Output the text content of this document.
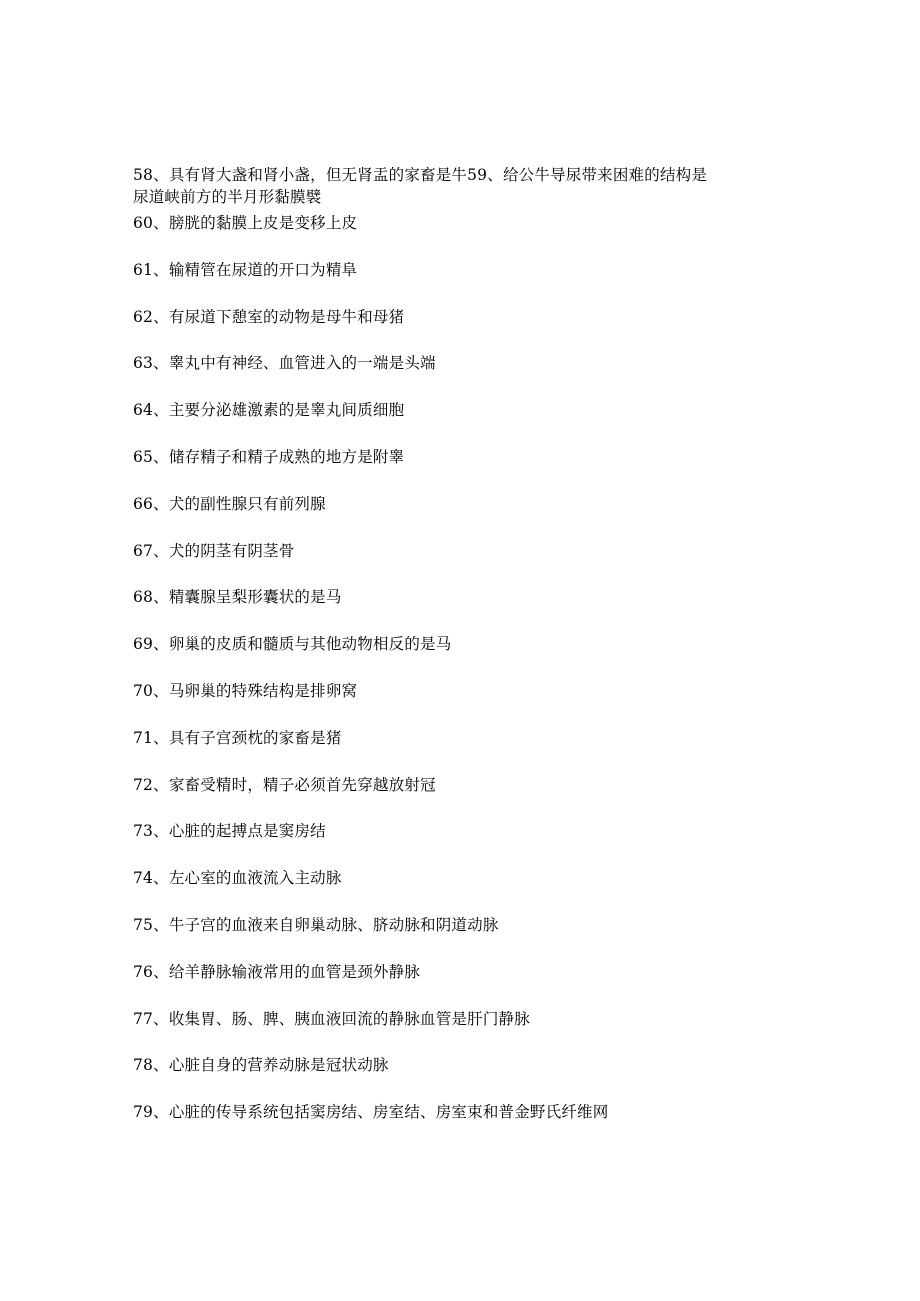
58、具有肾大盏和肾小盏，但无肾盂的家畜是牛59、给公牛导尿带来困难的结构是
尿道峡前方的半月形黏膜襞
60、膀胱的黏膜上皮是变移上皮
61、输精管在尿道的开口为精阜
62、有尿道下憩室的动物是母牛和母猪
63、睾丸中有神经、血管进入的一端是头端
64、主要分泌雄激素的是睾丸间质细胞
65、储存精子和精子成熟的地方是附睾
66、犬的副性腺只有前列腺
67、犬的阴茎有阴茎骨
68、精囊腺呈梨形囊状的是马
69、卵巢的皮质和髓质与其他动物相反的是马
70、马卵巢的特殊结构是排卵窝
71、具有子宫颈枕的家畜是猪
72、家畜受精时，精子必须首先穿越放射冠
73、心脏的起搏点是窦房结
74、左心室的血液流入主动脉
75、牛子宫的血液来自卵巢动脉、脐动脉和阴道动脉
76、给羊静脉输液常用的血管是颈外静脉
77、收集胃、肠、脾、胰血液回流的静脉血管是肝门静脉
78、心脏自身的营养动脉是冠状动脉
79、心脏的传导系统包括窦房结、房室结、房室束和普金野氏纤维网
